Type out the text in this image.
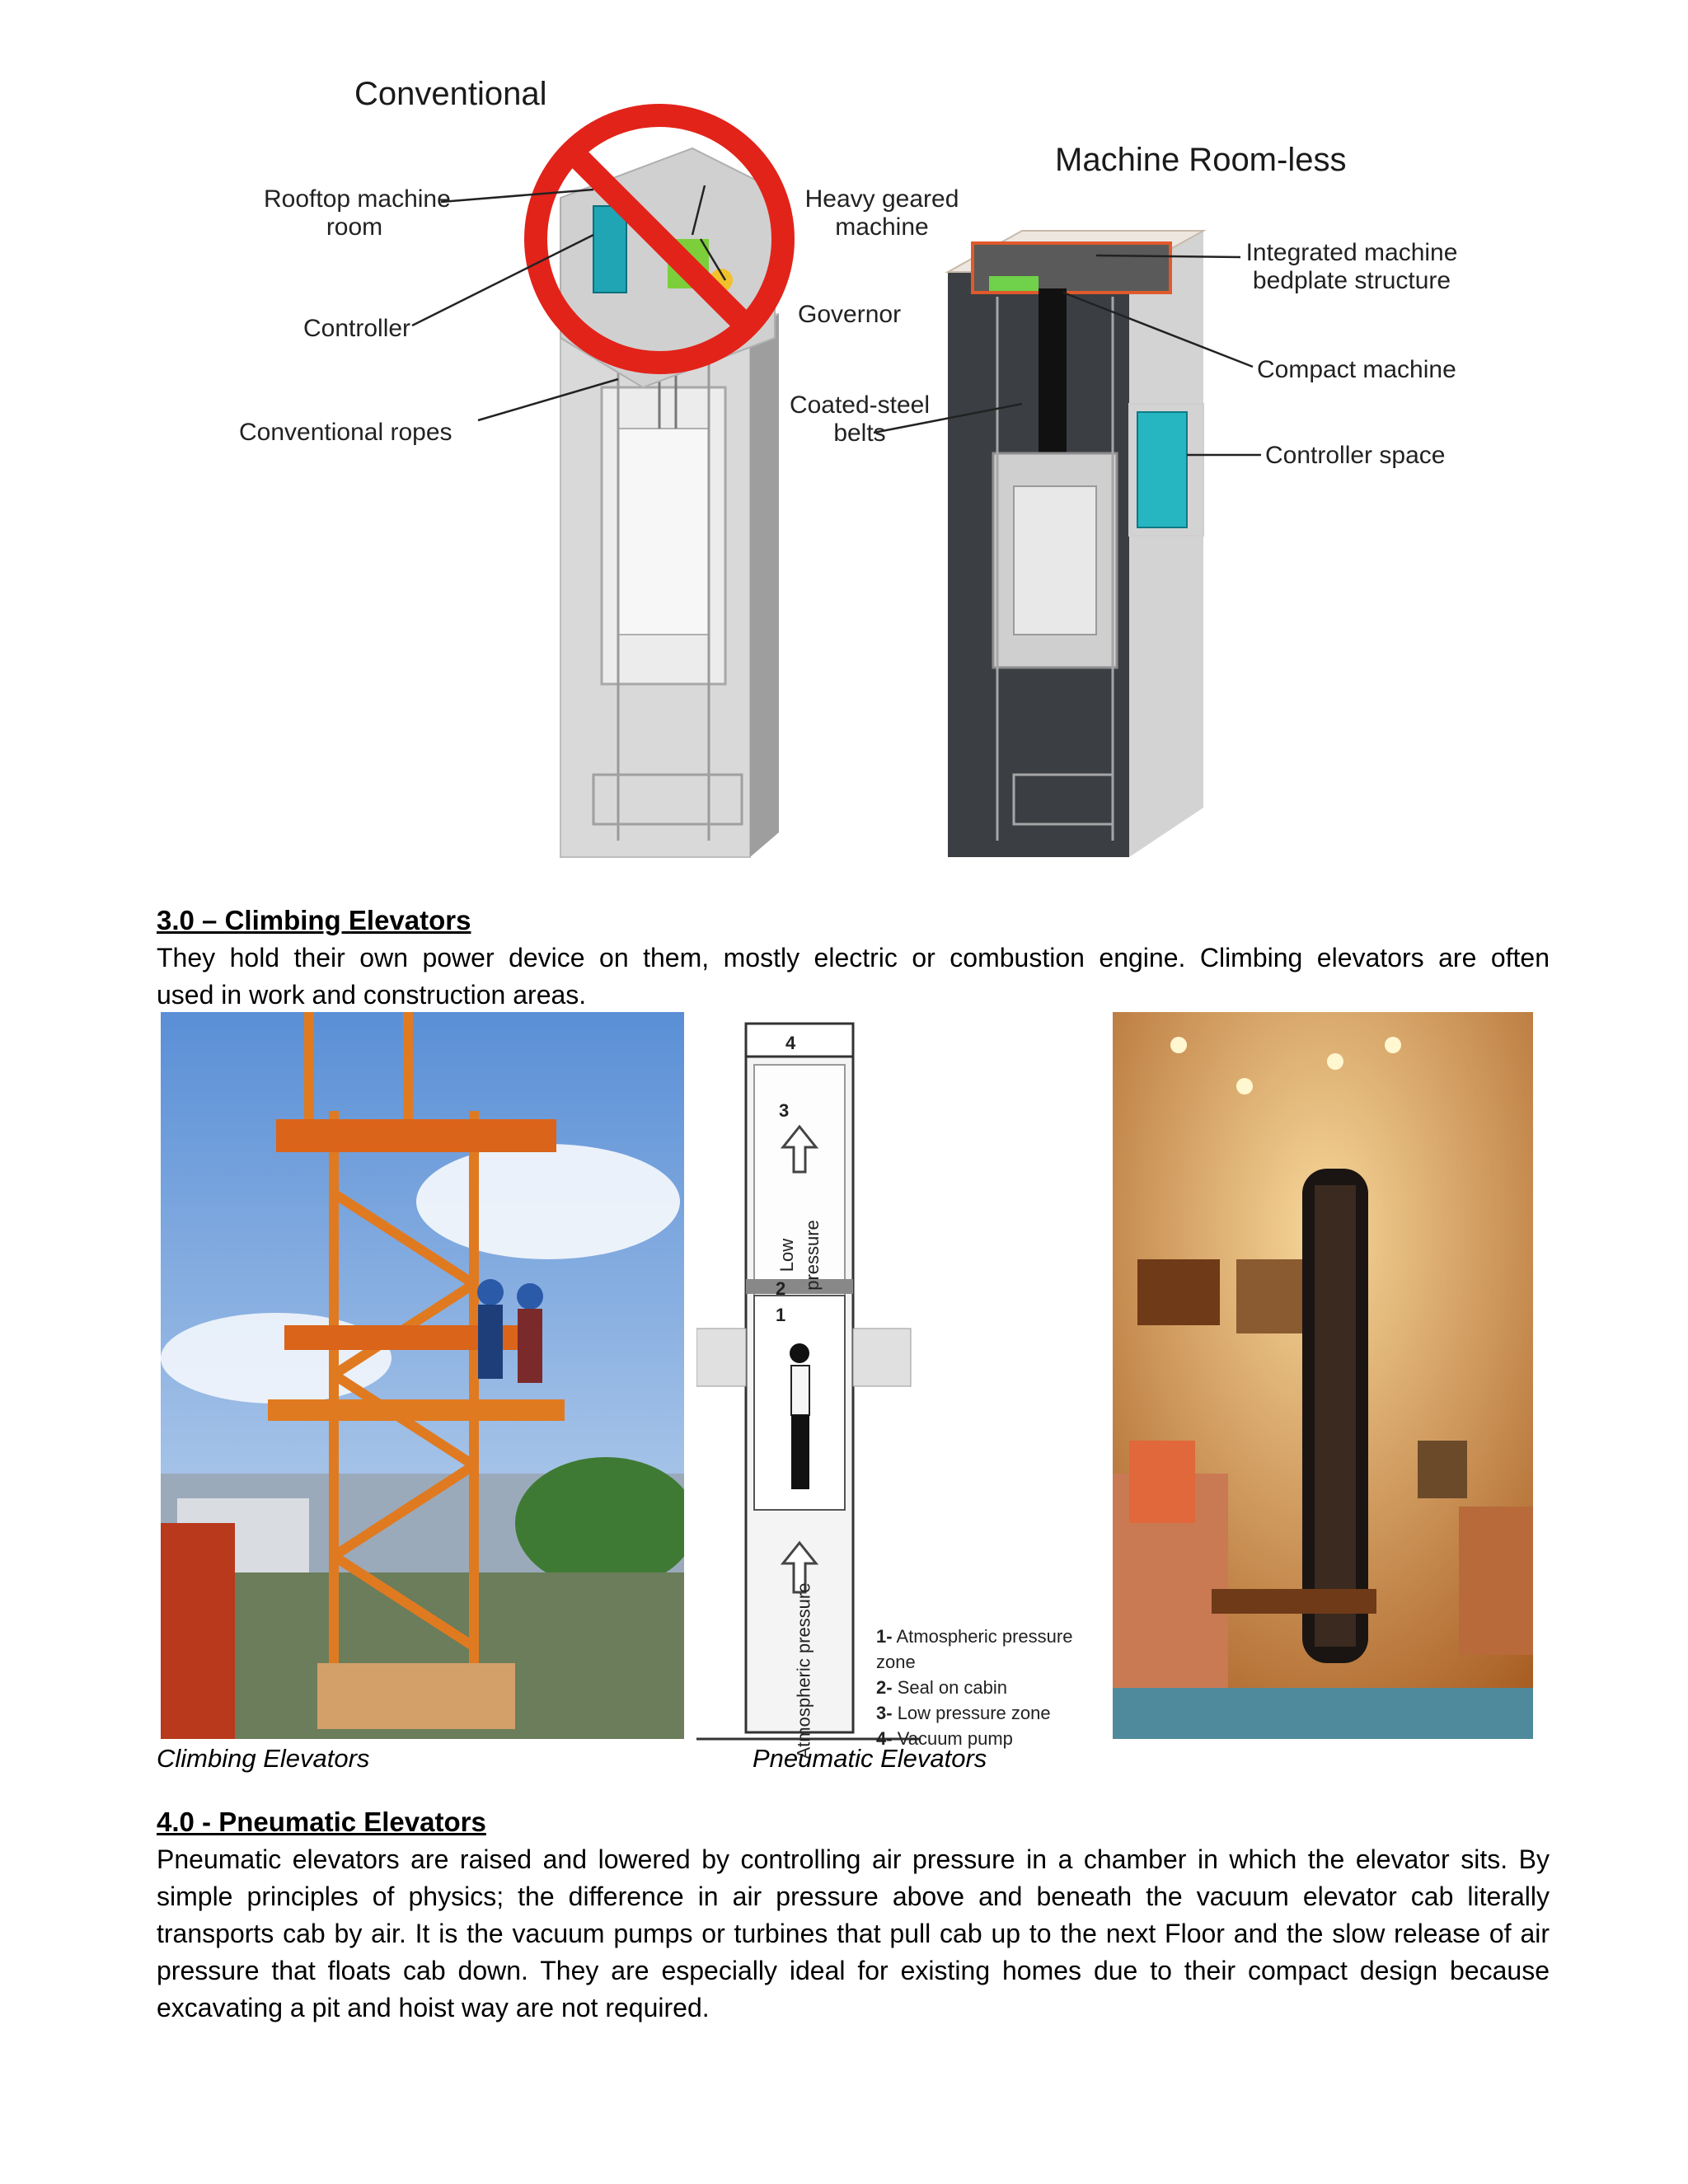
Conventional
Machine Room-less
Rooftop machine
room
Controller
Conventional ropes
Heavy geared
machine
Governor
Coated-steel
belts
Integrated machine
bedplate structure
Compact machine
Controller space
3.0 – Climbing Elevators
They hold their own power device on them, mostly electric or combustion engine. Climbing elevators are often
used in work and construction areas.
4
3
2
1
Low pressure
Atmospheric pressure	1- Atmospheric pressure zone
2- Seal on cabin
3- Low pressure zone
4- Vacuum pump
Climbing Elevators	Pneumatic Elevators
4.0 - Pneumatic Elevators
Pneumatic elevators are raised and lowered by controlling air pressure in a chamber in which the elevator sits. By simple principles of physics; the difference in air pressure above and beneath the vacuum elevator cab literally transports cab by air. It is the vacuum pumps or turbines that pull cab up to the next Floor and the slow release of air pressure that floats cab down. They are especially ideal for existing homes due to their compact design because excavating a pit and hoist way are not required.
